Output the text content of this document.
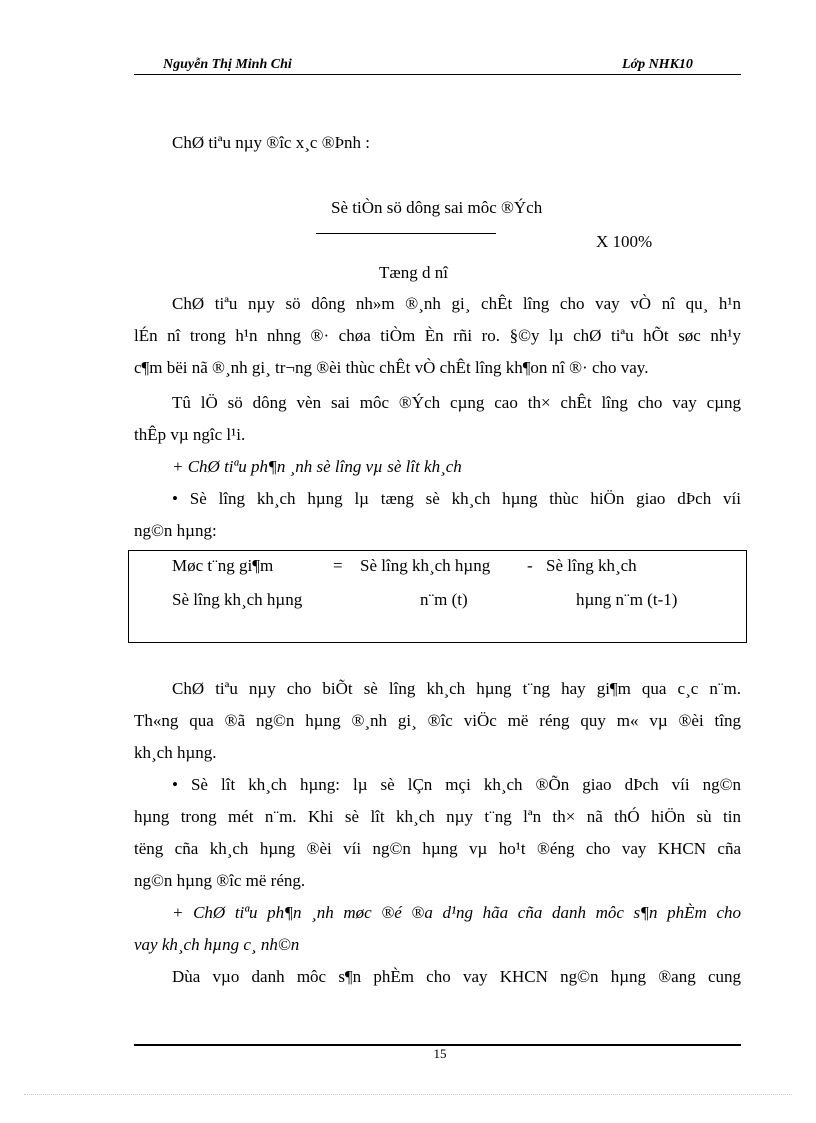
Nguyễn Thị Minh Chi	Lớp NHK10
ChØ tiªu nµy ®îc x¸c ®Þnh :
Sè tiÒn sö dông sai môc ®Ých
X 100%
Tæng d nî
ChØ tiªu nµy sö dông nh»m ®¸nh gi¸ chÊt lîng cho vay vÒ nî qu¸ h¹n
lÉn nî trong h¹n nhng ®· chøa tiÒm Èn rñi ro. §©y lµ chØ tiªu hÕt søc nh¹y
c¶m bëi nã ®¸nh gi¸ tr¬ng ®èi thùc chÊt vÒ chÊt lîng kh¶on nî ®· cho vay.
Tû lÖ sö dông vèn sai môc ®Ých cµng cao th× chÊt lîng cho vay cµng
thÊp vµ ngîc l¹i.
+ ChØ tiªu ph¶n ¸nh sè lîng vµ sè lît kh¸ch
• Sè lîng kh¸ch hµng lµ tæng sè kh¸ch hµng thùc hiÖn giao dÞch víi
ng©n hµng:
Møc t¨ng gi¶m	= Sè lîng kh¸ch hµng - Sè lîng kh¸ch
Sè lîng kh¸ch hµng	n¨m (t)	hµng n¨m (t-1)
ChØ tiªu nµy cho biÕt sè lîng kh¸ch hµng t¨ng hay gi¶m qua c¸c n¨m.
Th«ng qua ®ã ng©n hµng ®¸nh gi¸ ®îc viÖc më réng quy m« vµ ®èi tîng
kh¸ch hµng.
• Sè lît kh¸ch hµng: lµ sè lÇn mçi kh¸ch ®Õn giao dÞch víi ng©n
hµng trong mét n¨m. Khi sè lît kh¸ch nµy t¨ng lªn th× nã thÓ hiÖn sù tin
tëng cña kh¸ch hµng ®èi víi ng©n hµng vµ ho¹t ®éng cho vay KHCN cña
ng©n hµng ®îc më réng.
+ ChØ tiªu ph¶n ¸nh møc ®é ®a d¹ng hãa cña danh môc s¶n phÈm cho
vay kh¸ch hµng c¸ nh©n
Dùa vµo danh môc s¶n phÈm cho vay KHCN ng©n hµng ®ang cung
15
